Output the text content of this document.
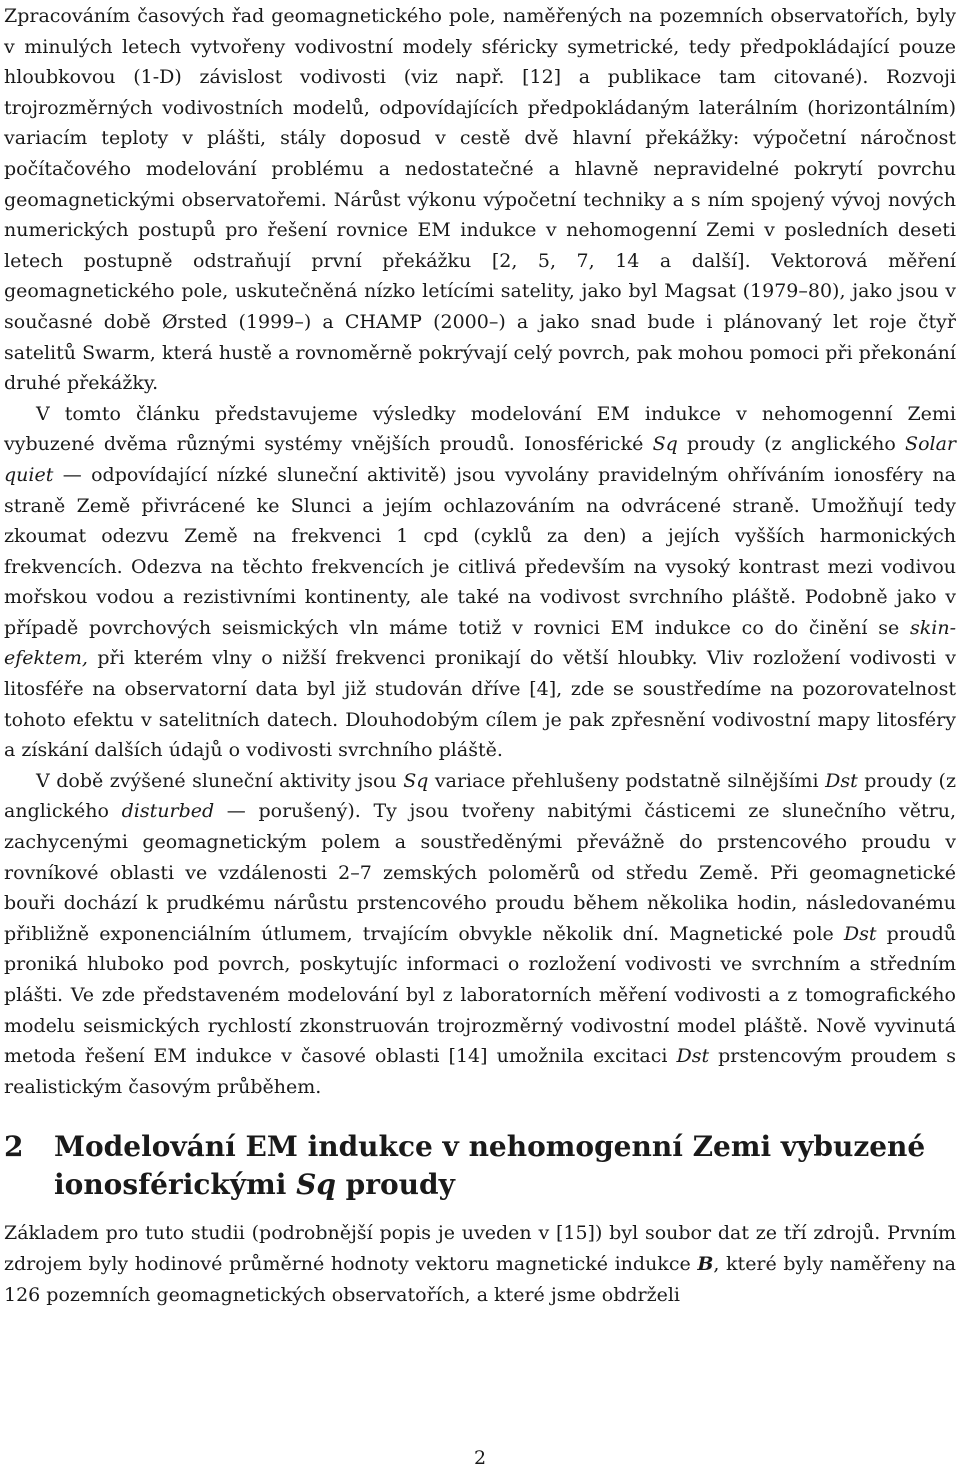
Zpracováním časových řad geomagnetického pole, naměřených na pozemních observatořích, byly v minulých letech vytvořeny vodivostní modely sféricky symetrické, tedy předpokládající pouze hloubkovou (1-D) závislost vodivosti (viz např. [12] a publikace tam citované). Rozvoji trojrozměrných vodivostních modelů, odpovídajících předpokládaným laterálním (horizontálním) variacím teploty v plášti, stály doposud v cestě dvě hlavní překážky: výpočetní náročnost počítačového modelování problému a nedostatečné a hlavně nepravidelné pokrytí povrchu geomagnetickými observatořemi. Nárůst výkonu výpočetní techniky a s ním spojený vývoj nových numerických postupů pro řešení rovnice EM indukce v nehomogenní Zemi v posledních deseti letech postupně odstraňují první překážku [2, 5, 7, 14 a další]. Vektorová měření geomagnetického pole, uskutečněná nízko letícími satelity, jako byl Magsat (1979–80), jako jsou v současné době Ørsted (1999–) a CHAMP (2000–) a jako snad bude i plánovaný let roje čtyř satelitů Swarm, která hustě a rovnoměrně pokrývají celý povrch, pak mohou pomoci při překonání druhé překážky.

V tomto článku představujeme výsledky modelování EM indukce v nehomogenní Zemi vybuzené dvěma různými systémy vnějších proudů. Ionosférické Sq proudy (z anglického Solar quiet — odpovídající nízké sluneční aktivitě) jsou vyvolány pravidelným ohříváním ionosféry na straně Země přivrácené ke Slunci a jejím ochlazováním na odvrácené straně. Umožňují tedy zkoumat odezvu Země na frekvenci 1 cpd (cyklů za den) a jejích vyšších harmonických frekvencích. Odezva na těchto frekvencích je citlivá především na vysoký kontrast mezi vodivou mořskou vodou a rezistivními kontinenty, ale také na vodivost svrchního pláště. Podobně jako v případě povrchových seismických vln máme totiž v rovnici EM indukce co do činění se skin-efektem, při kterém vlny o nižší frekvenci pronikají do větší hloubky. Vliv rozložení vodivosti v litosféře na observatorní data byl již studován dříve [4], zde se soustředíme na pozorovatelnost tohoto efektu v satelitních datech. Dlouhodobým cílem je pak zpřesnění vodivostní mapy litosféry a získání dalších údajů o vodivosti svrchního pláště.

V době zvýšené sluneční aktivity jsou Sq variace přehlušeny podstatně silnějšími Dst proudy (z anglického disturbed — porušený). Ty jsou tvořeny nabitými částicemi ze slunečního větru, zachycenými geomagnetickým polem a soustředěnými převážně do prstencového proudu v rovníkové oblasti ve vzdálenosti 2–7 zemských poloměrů od středu Země. Při geomagnetické bouři dochází k prudkému nárůstu prstencového proudu během několika hodin, následovanému přibližně exponenciálním útlumem, trvajícím obvykle několik dní. Magnetické pole Dst proudů proniká hluboko pod povrch, poskytujíc informaci o rozložení vodivosti ve svrchním a středním plášti. Ve zde představeném modelování byl z laboratorních měření vodivosti a z tomografického modelu seismických rychlostí zkonstruován trojrozměrný vodivostní model pláště. Nově vyvinutá metoda řešení EM indukce v časové oblasti [14] umožnila excitaci Dst prstencovým proudem s realistickým časovým průběhem.

2	Modelování EM indukce v nehomogenní Zemi vybuzené ionosférickými Sq proudy

Základem pro tuto studii (podrobnější popis je uveden v [15]) byl soubor dat ze tří zdrojů. Prvním zdrojem byly hodinové průměrné hodnoty vektoru magnetické indukce B, které byly naměřeny na 126 pozemních geomagnetických observatořích, a které jsme obdrželi

2
